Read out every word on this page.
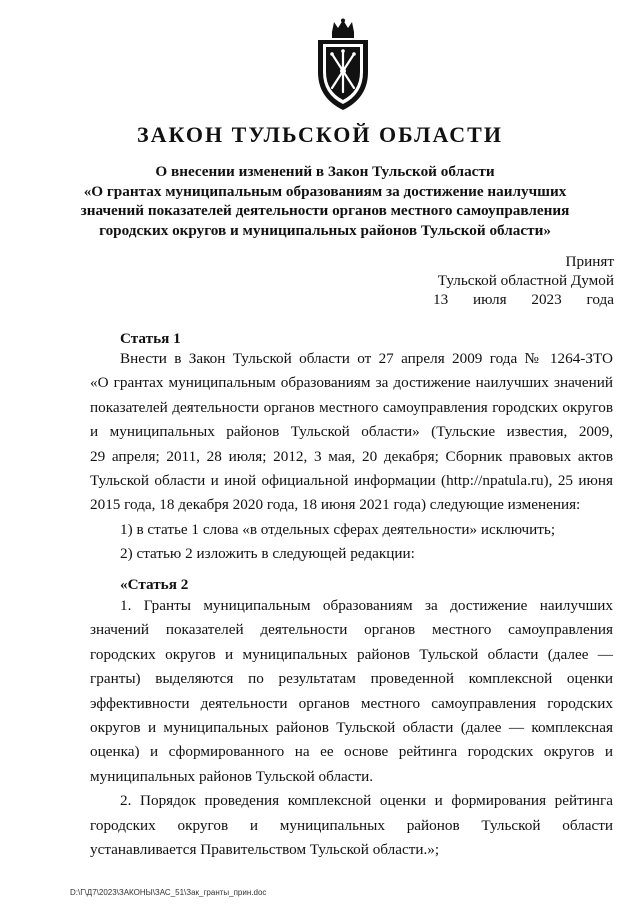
ЗАКОН ТУЛЬСКОЙ ОБЛАСТИ
О внесении изменений в Закон Тульской области
«О грантах муниципальным образованиям за достижение наилучших
значений показателей деятельности органов местного самоуправления
городских округов и муниципальных районов Тульской области»
Принят
Тульской областной Думой
13 июля 2023 года
Статья 1
Внести в Закон Тульской области от 27 апреля 2009 года № 1264-ЗТО
«О грантах муниципальным образованиям за достижение наилучших значений
показателей деятельности органов местного самоуправления городских округов
и муниципальных районов Тульской области» (Тульские известия, 2009,
29 апреля; 2011, 28 июля; 2012, 3 мая, 20 декабря; Сборник правовых актов
Тульской области и иной официальной информации (http://npatula.ru), 25 июня
2015 года, 18 декабря 2020 года, 18 июня 2021 года) следующие изменения:
1) в статье 1 слова «в отдельных сферах деятельности» исключить;
2) статью 2 изложить в следующей редакции:
«Статья 2
1. Гранты муниципальным образованиям за достижение наилучших
значений показателей деятельности органов местного самоуправления
городских округов и муниципальных районов Тульской области (далее —
гранты) выделяются по результатам проведенной комплексной оценки
эффективности деятельности органов местного самоуправления городских
округов и муниципальных районов Тульской области (далее — комплексная
оценка) и сформированного на ее основе рейтинга городских округов и
муниципальных районов Тульской области.
2. Порядок проведения комплексной оценки и формирования рейтинга
городских округов и муниципальных районов Тульской области
устанавливается Правительством Тульской области.»;
D:\Г\Д7\2023\ЗАКОНЫ\ЗАС_51\Зак_гранты_прин.doc
